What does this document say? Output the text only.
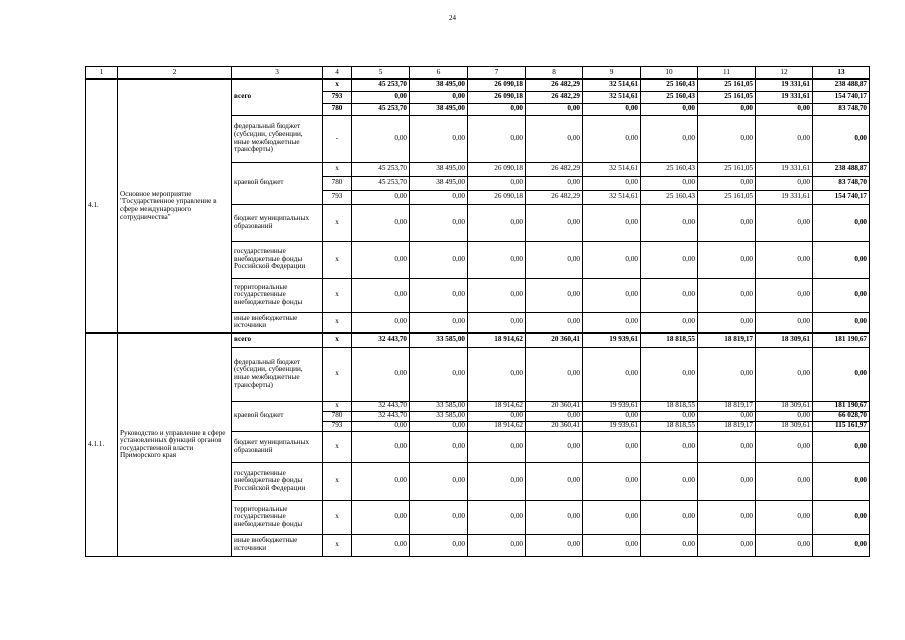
24
1	2	3	4	5	6	7	8	9	10	11	12	13
4.1.	Основное мероприятие "Государственное управление в сфере международного сотрудничества"	всего	х	45 253,70	38 495,00	26 090,18	26 482,29	32 514,61	25 160,43	25 161,05	19 331,61	238 488,87
			793	0,00	0,00	26 090,18	26 482,29	32 514,61	25 160,43	25 161,05	19 331,61	154 740,17
			780	45 253,70	38 495,00	0,00	0,00	0,00	0,00	0,00	0,00	83 748,70
		федеральный бюджет (субсидии, субвенции, иные межбюджетные трансферты)	-	0,00	0,00	0,00	0,00	0,00	0,00	0,00	0,00	0,00
		краевой бюджет	х	45 253,70	38 495,00	26 090,18	26 482,29	32 514,61	25 160,43	25 161,05	19 331,61	238 488,87
			780	45 253,70	38 495,00	0,00	0,00	0,00	0,00	0,00	0,00	83 748,70
			793	0,00	0,00	26 090,18	26 482,29	32 514,61	25 160,43	25 161,05	19 331,61	154 740,17
		бюджет муниципальных образований	х	0,00	0,00	0,00	0,00	0,00	0,00	0,00	0,00	0,00
		государственные внебюджетные фонды Российской Федерации	х	0,00	0,00	0,00	0,00	0,00	0,00	0,00	0,00	0,00
		территориальные государственные внебюджетные фонды	х	0,00	0,00	0,00	0,00	0,00	0,00	0,00	0,00	0,00
		иные внебюджетные источники	х	0,00	0,00	0,00	0,00	0,00	0,00	0,00	0,00	0,00
4.1.1.	Руководство и управление в сфере установленных функций органов государственной власти Приморского края	всего	х	32 443,70	33 585,00	18 914,62	20 360,41	19 939,61	18 818,55	18 819,17	18 309,61	181 190,67
		федеральный бюджет (субсидии, субвенции, иные межбюджетные трансферты)	х	0,00	0,00	0,00	0,00	0,00	0,00	0,00	0,00	0,00
		краевой бюджет	х	32 443,70	33 585,00	18 914,62	20 360,41	19 939,61	18 818,55	18 819,17	18 309,61	181 190,67
			780	32 443,70	33 585,00	0,00	0,00	0,00	0,00	0,00	0,00	66 028,70
			793	0,00	0,00	18 914,62	20 360,41	19 939,61	18 818,55	18 819,17	18 309,61	115 161,97
		бюджет муниципальных образований	х	0,00	0,00	0,00	0,00	0,00	0,00	0,00	0,00	0,00
		государственные внебюджетные фонды Российской Федерации	х	0,00	0,00	0,00	0,00	0,00	0,00	0,00	0,00	0,00
		территориальные государственные внебюджетные фонды	х	0,00	0,00	0,00	0,00	0,00	0,00	0,00	0,00	0,00
		иные внебюджетные источники	х	0,00	0,00	0,00	0,00	0,00	0,00	0,00	0,00	0,00
